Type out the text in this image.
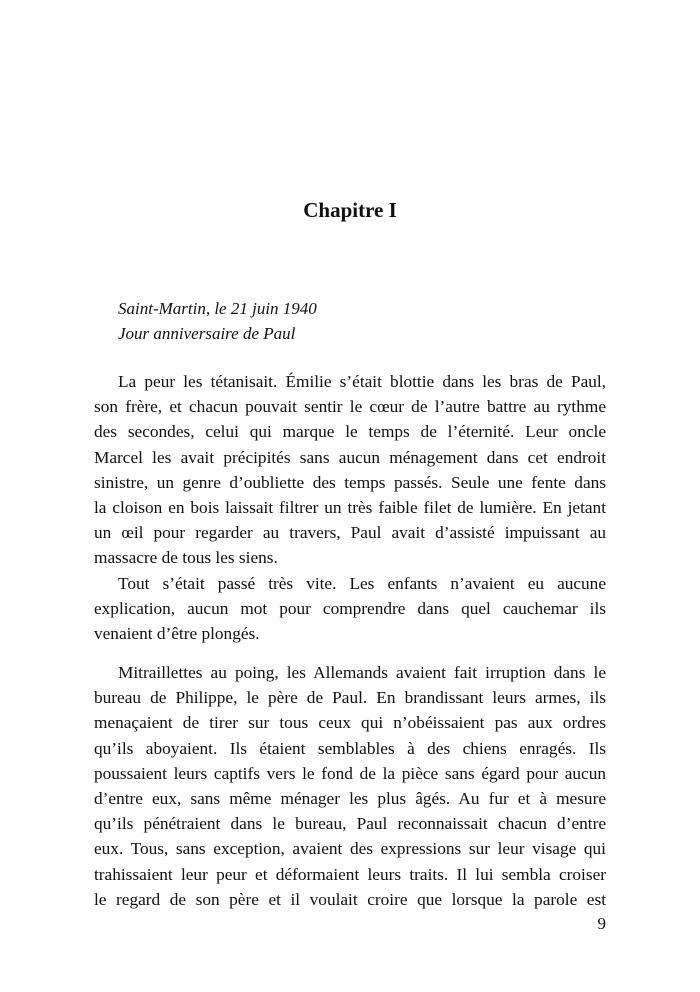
Chapitre I
Saint-Martin, le 21 juin 1940
Jour anniversaire de Paul
La peur les tétanisait. Émilie s’était blottie dans les bras de Paul,
son frère, et chacun pouvait sentir le cœur de l’autre battre au rythme
des secondes, celui qui marque le temps de l’éternité. Leur oncle
Marcel les avait précipités sans aucun ménagement dans cet endroit
sinistre, un genre d’oubliette des temps passés. Seule une fente dans
la cloison en bois laissait filtrer un très faible filet de lumière. En jetant
un œil pour regarder au travers, Paul avait d’assisté impuissant au
massacre de tous les siens.
Tout s’était passé très vite. Les enfants n’avaient eu aucune
explication, aucun mot pour comprendre dans quel cauchemar ils
venaient d’être plongés.
Mitraillettes au poing, les Allemands avaient fait irruption dans le
bureau de Philippe, le père de Paul. En brandissant leurs armes, ils
menaçaient de tirer sur tous ceux qui n’obéissaient pas aux ordres
qu’ils aboyaient. Ils étaient semblables à des chiens enragés. Ils
poussaient leurs captifs vers le fond de la pièce sans égard pour aucun
d’entre eux, sans même ménager les plus âgés. Au fur et à mesure
qu’ils pénétraient dans le bureau, Paul reconnaissait chacun d’entre
eux. Tous, sans exception, avaient des expressions sur leur visage qui
trahissaient leur peur et déformaient leurs traits. Il lui sembla croiser
le regard de son père et il voulait croire que lorsque la parole est
9
